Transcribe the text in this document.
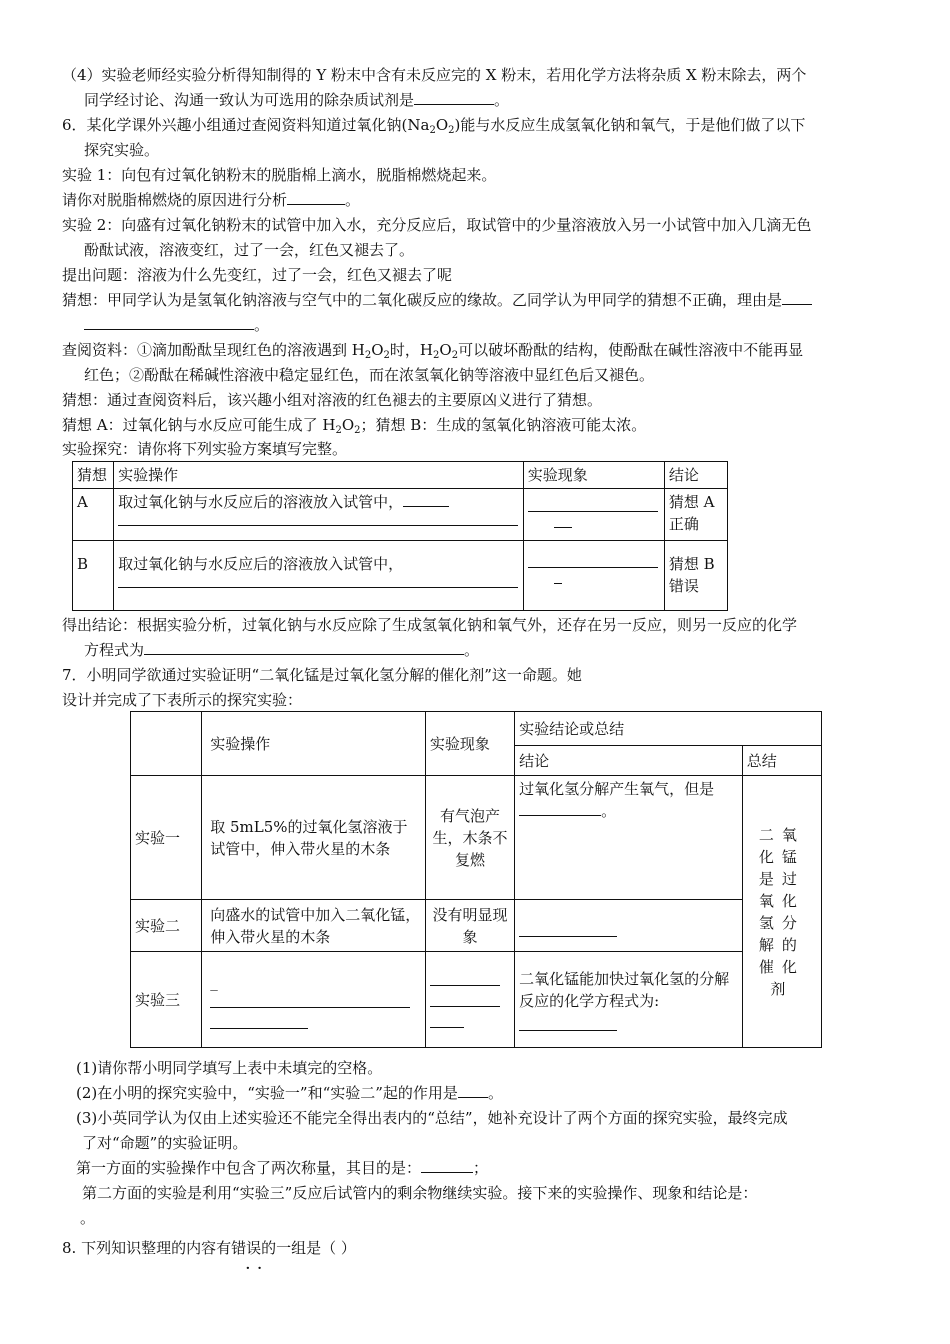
（4）实验老师经实验分析得知制得的 Y 粉末中含有未反应完的 X 粉末，若用化学方法将杂质 X 粉末除去，两个
同学经讨论、沟通一致认为可选用的除杂质试剂是	。
6．某化学课外兴趣小组通过查阅资料知道过氧化钠$(Na_2O_2)$能与水反应生成氢氧化钠和氧气，于是他们做了以下
探究实验。
实验 1：向包有过氧化钠粉末的脱脂棉上滴水，脱脂棉燃烧起来。
请你对脱脂棉燃烧的原因进行分析	。
实验 2：向盛有过氧化钠粉末的试管中加入水，充分反应后，取试管中的少量溶液放入另一小试管中加入几滴无色
酚酞试液，溶液变红，过了一会，红色又褪去了。
提出问题：溶液为什么先变红，过了一会，红色又褪去了呢
猜想：甲同学认为是氢氧化钠溶液与空气中的二氧化碳反应的缘故。乙同学认为甲同学的猜想不正确，理由是
。
查阅资料：①滴加酚酞呈现红色的溶液遇到 $H_2O_2$时，$H_2O_2$可以破坏酚酞的结构，使酚酞在碱性溶液中不能再显
红色；②酚酞在稀碱性溶液中稳定显红色，而在浓氢氧化钠等溶液中显红色后又褪色。
猜想：通过查阅资料后，该兴趣小组对溶液的红色褪去的主要原凶义进行了猜想。
猜想 A：过氧化钠与水反应可能生成了 $H_2O_2$；猜想 B：生成的氢氧化钠溶液可能太浓。
实验探究：请你将下列实验方案填写完整。
猜想	实验操作	实验现象	结论
A	取过氧化钠与水反应后的溶液放入试管中，		猜想 A 正确
B	取过氧化钠与水反应后的溶液放入试管中，		猜想 B 错误
得出结论：根据实验分析，过氧化钠与水反应除了生成氢氧化钠和氧气外，还存在另一反应，则另一反应的化学
方程式为	。
7．小明同学欲通过实验证明“二氧化锰是过氧化氢分解的催化剂”这一命题。她
设计并完成了下表所示的探究实验：
	实验操作	实验现象	实验结论或总结	
			结论	总结
实验一	取 5mL5%的过氧化氢溶液于试管中，伸入带火星的木条	有气泡产生，木条不复燃	过氧化氢分解产生氧气，但是。	二氧化锰是过氧化氢分解的催化剂
实验二	向盛水的试管中加入二氧化锰，伸入带火星的木条	没有明显现象		

实验三	_		二氧化锰能加快过氧化氢的分解
反应的化学方程式为:	
(1)请你帮小明同学填写上表中未填完的空格。
(2)在小明的探究实验中，“实验一”和“实验二”起的作用是 。
(3)小英同学认为仅由上述实验还不能完全得出表内的“总结”，她补充设计了两个方面的探究实验，最终完成
了对“命题”的实验证明。
第一方面的实验操作中包含了两次称量，其目的是：	；
第二方面的实验是利用“实验三”反应后试管内的剩余物继续实验。接下来的实验操作、现象和结论是：
。
8. 下列知识整理的内容有错误的一组是（ ）
··
